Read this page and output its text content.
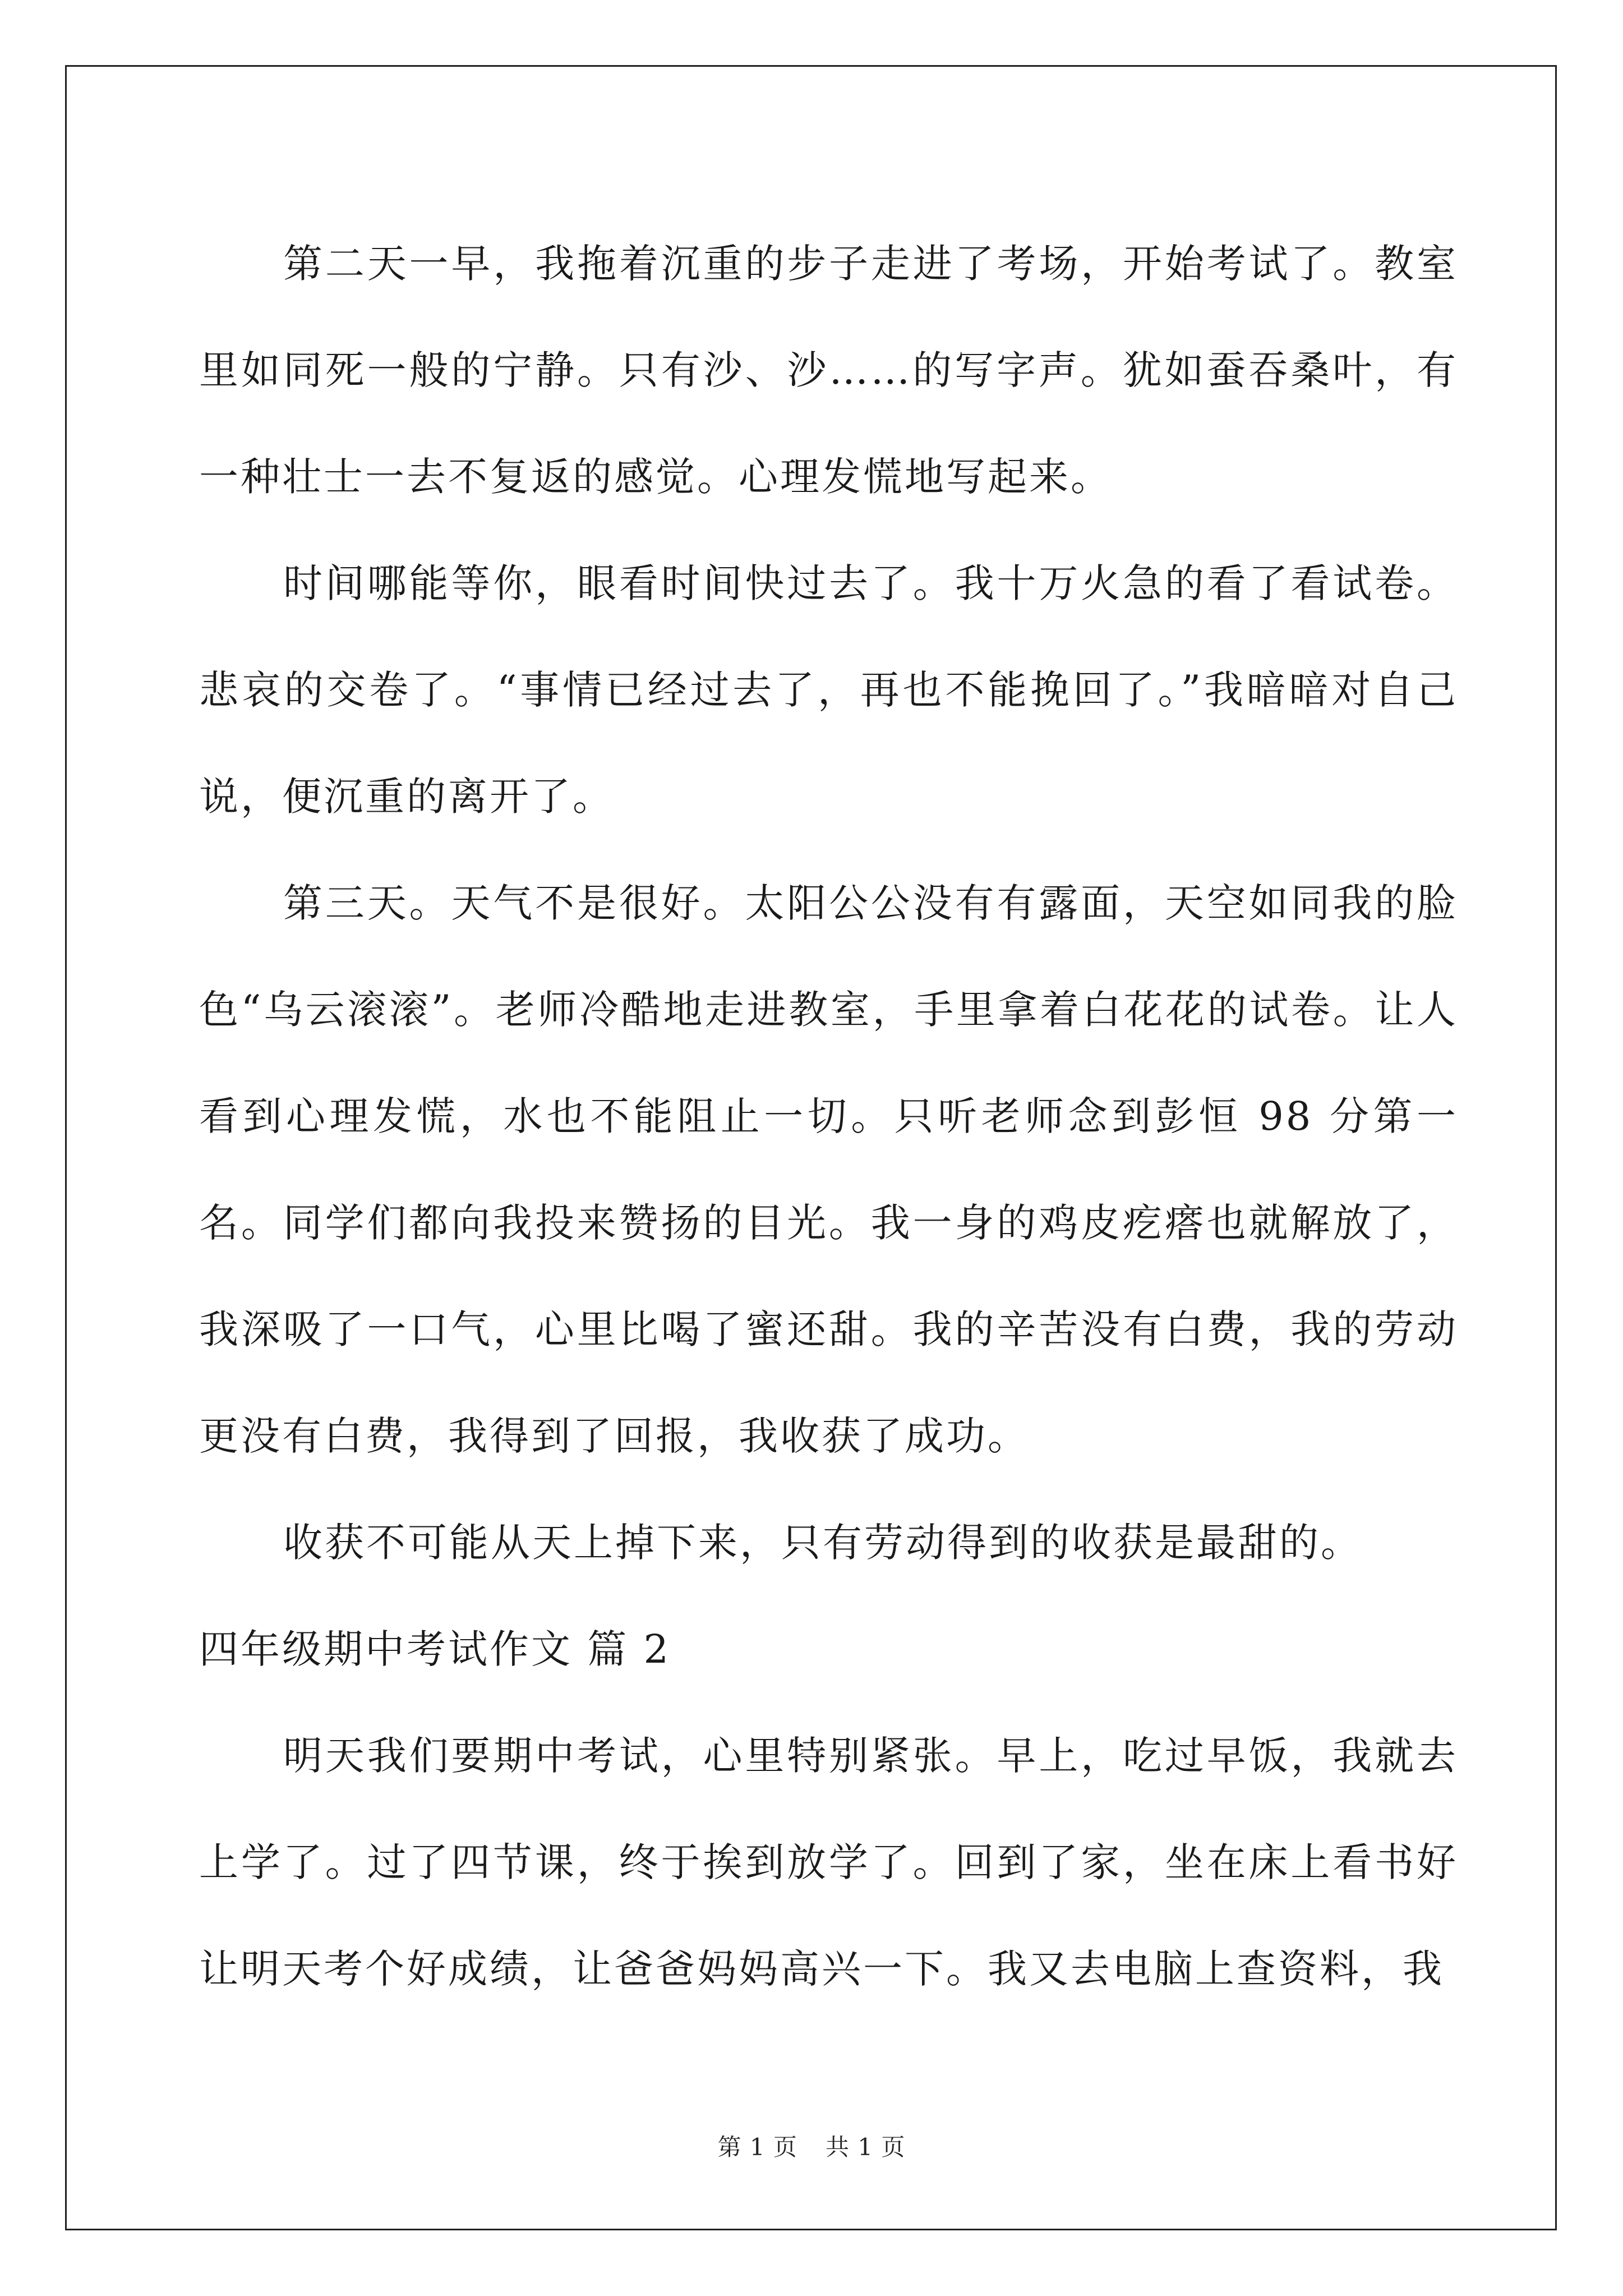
第二天一早，我拖着沉重的步子走进了考场，开始考试了。教室里如同死一般的宁静。只有沙、沙……的写字声。犹如蚕吞桑叶，有一种壮士一去不复返的感觉。心理发慌地写起来。

时间哪能等你，眼看时间快过去了。我十万火急的看了看试卷。悲哀的交卷了。“事情已经过去了，再也不能挽回了。”我暗暗对自己说，便沉重的离开了。

第三天。天气不是很好。太阳公公没有有露面，天空如同我的脸色“乌云滚滚”。老师冷酷地走进教室，手里拿着白花花的试卷。让人看到心理发慌，水也不能阻止一切。只听老师念到彭恒 98 分第一名。同学们都向我投来赞扬的目光。我一身的鸡皮疙瘩也就解放了，我深吸了一口气，心里比喝了蜜还甜。我的辛苦没有白费，我的劳动更没有白费，我得到了回报，我收获了成功。

收获不可能从天上掉下来，只有劳动得到的收获是最甜的。

四年级期中考试作文 篇 2

明天我们要期中考试，心里特别紧张。早上，吃过早饭，我就去上学了。过了四节课，终于挨到放学了。回到了家，坐在床上看书好让明天考个好成绩，让爸爸妈妈高兴一下。我又去电脑上查资料，我

第 1 页 共 1 页
